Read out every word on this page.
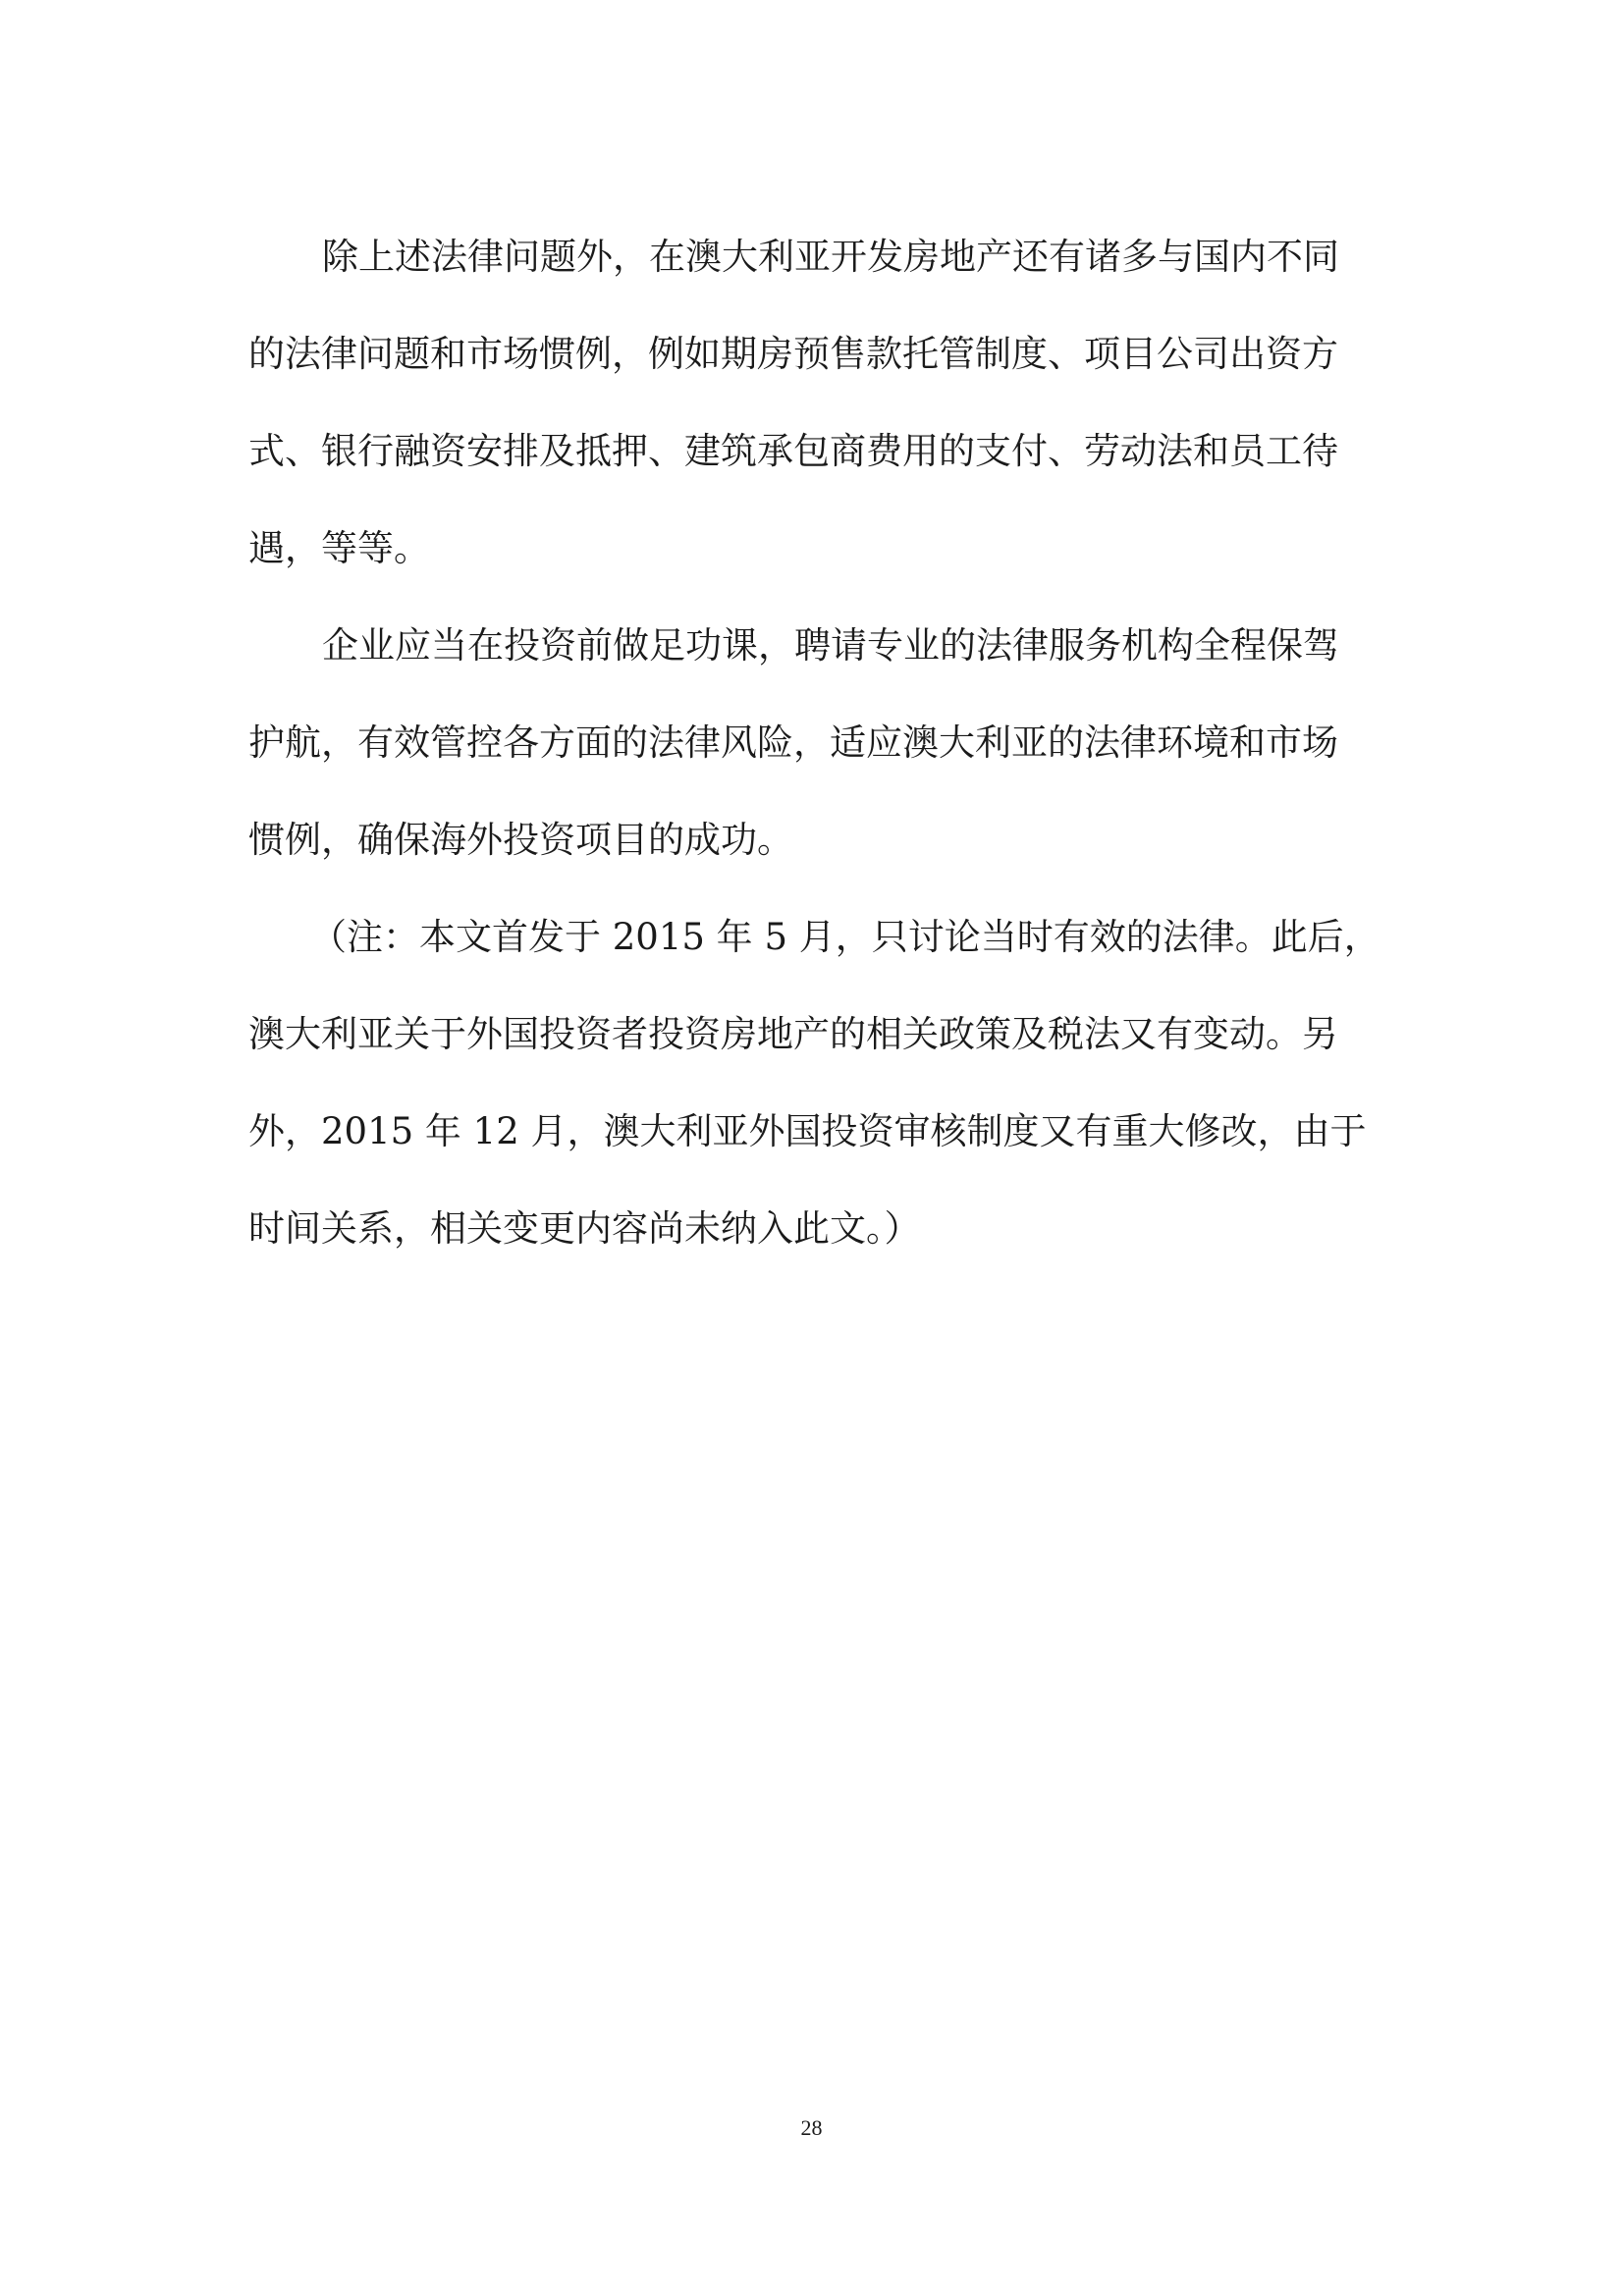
除上述法律问题外，在澳大利亚开发房地产还有诸多与国内不同
的法律问题和市场惯例，例如期房预售款托管制度、项目公司出资方
式、银行融资安排及抵押、建筑承包商费用的支付、劳动法和员工待
遇，等等。
企业应当在投资前做足功课，聘请专业的法律服务机构全程保驾
护航，有效管控各方面的法律风险，适应澳大利亚的法律环境和市场
惯例，确保海外投资项目的成功。
（注：本文首发于 2015 年 5 月，只讨论当时有效的法律。此后，
澳大利亚关于外国投资者投资房地产的相关政策及税法又有变动。另
外，2015 年 12 月，澳大利亚外国投资审核制度又有重大修改，由于
时间关系，相关变更内容尚未纳入此文。）
28
